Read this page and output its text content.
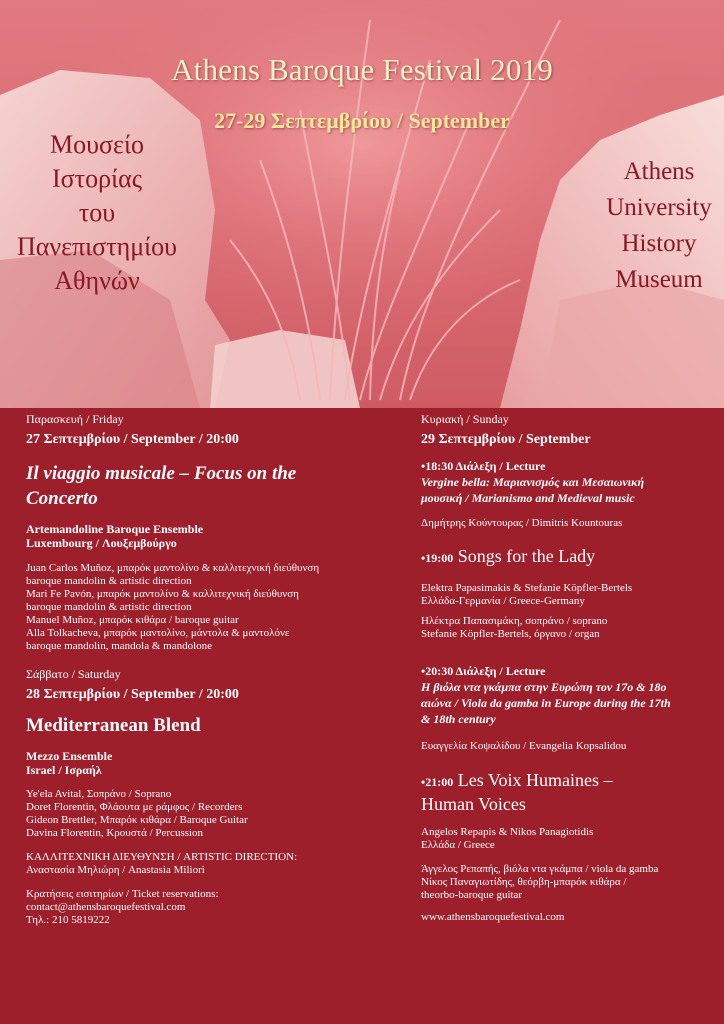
Athens Baroque Festival 2019
27-29 Σεπτεμβρίου / September
Μουσείο
Ιστορίας
του
Πανεπιστημίου
Αθηνών
Athens
University
History
Museum
Παρασκευή / Friday
27 Σεπτεμβρίου / September / 20:00
Il viaggio musicale – Focus on the
Concerto
Artemandoline Baroque Ensemble
Luxembourg / Λουξεμβούργο
Juan Carlos Muñoz, μπαρόκ μαντολίνο & καλλιτεχνική διεύθυνση
baroque mandolin & artistic direction
Mari Fe Pavón, μπαρόκ μαντολίνο & καλλιτεχνική διεύθυνση
baroque mandolin & artistic direction
Manuel Muñoz, μπαρόκ κιθάρα / baroque guitar
Alla Tolkacheva, μπαρόκ μαντολίνο, μάντολα & μαντολόνε
baroque mandolin, mandola & mandolone
Σάββατο / Saturday
28 Σεπτεμβρίου / September / 20:00
Mediterranean Blend
Mezzo Ensemble
Israel / Ισραήλ
Ye'ela Avital, Σοπράνο / Soprano
Doret Florentin, Φλάουτα με ράμφος / Recorders
Gideon Brettler, Μπαρόκ κιθάρα / Baroque Guitar
Davina Florentin, Κρουστά / Percussion
ΚΑΛΛΙΤΕΧΝΙΚΗ ΔΙΕΥΘΥΝΣΗ / ARTISTIC DIRECTION:
Αναστασία Μηλιώρη / Anastasia Miliori
Κρατήσεις εισιτηρίων / Ticket reservations:
contact@athensbaroquefestival.com
Τηλ.: 210 5819222
Κυριακή / Sunday
29 Σεπτεμβρίου / September
•18:30 Διάλεξη / Lecture
Vergine bella: Μαριανισμός και Μεσαιωνική
μουσική / Marianismo and Medieval music
Δημήτρης Κούντουρας / Dimitris Kountouras
•19:00 Songs for the Lady
Elektra Papasimakis & Stefanie Köpfler-Bertels
Ελλάδα-Γερμανία / Greece-Germany
Ηλέκτρα Παπασιμάκη, σοπράνο / soprano
Stefanie Köpfler-Bertels, όργανο / organ
•20:30 Διάλεξη / Lecture
Η βιόλα ντα γκάμπα στην Ευρώπη τον 17ο & 18ο
αιώνα / Viola da gamba in Europe during the 17th
& 18th century
Ευαγγελία Κοψαλίδου / Evangelia Kopsalidou
•21:00 Les Voix Humaines –
Human Voices
Angelos Repapis & Nikos Panagiotidis
Ελλάδα / Greece
Άγγελος Ρεπαπής, βιόλα ντα γκάμπα / viola da gamba
Νίκος Παναγιωτίδης, θεόρβη-μπαρόκ κιθάρα /
theorbo-baroque guitar
www.athensbaroquefestival.com
